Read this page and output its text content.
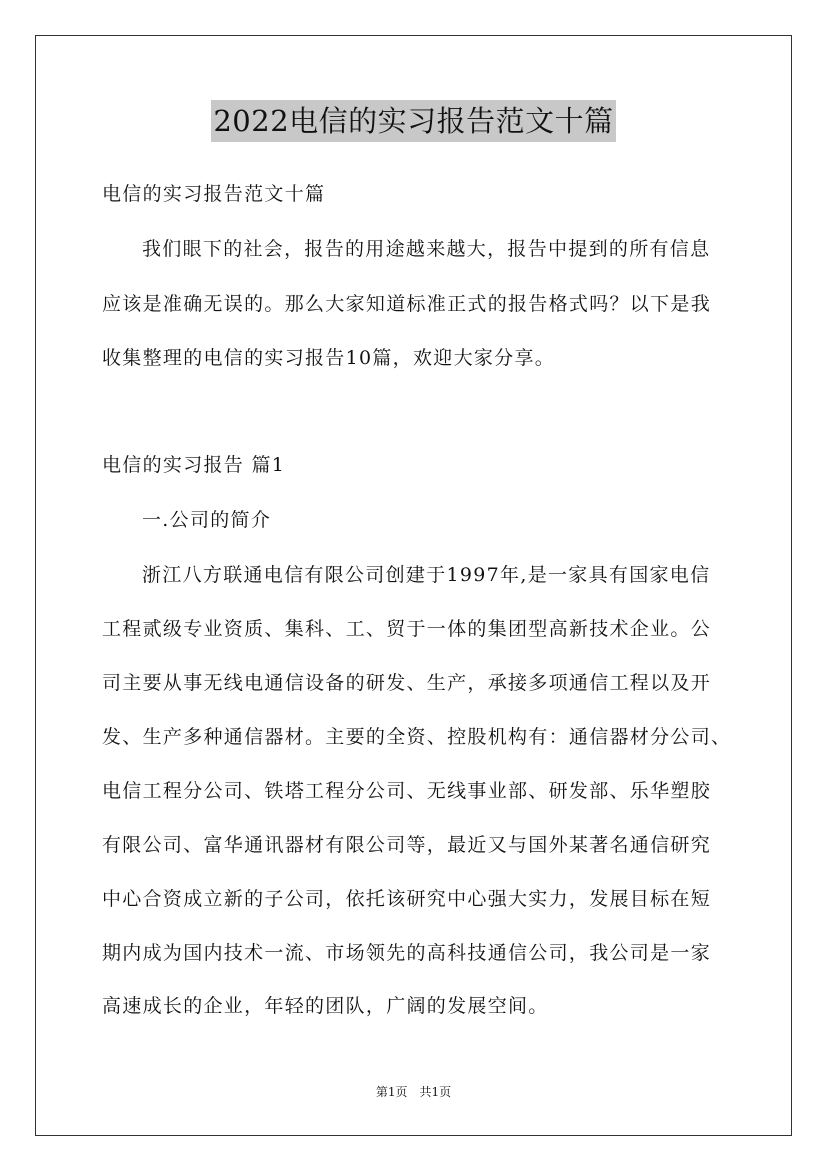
2022电信的实习报告范文十篇
电信的实习报告范文十篇
我们眼下的社会，报告的用途越来越大，报告中提到的所有信息
应该是准确无误的。那么大家知道标准正式的报告格式吗？以下是我
收集整理的电信的实习报告10篇，欢迎大家分享。
电信的实习报告 篇1
一.公司的简介
浙江八方联通电信有限公司创建于1997年,是一家具有国家电信
工程贰级专业资质、集科、工、贸于一体的集团型高新技术企业。公
司主要从事无线电通信设备的研发、生产，承接多项通信工程以及开
发、生产多种通信器材。主要的全资、控股机构有：通信器材分公司、
电信工程分公司、铁塔工程分公司、无线事业部、研发部、乐华塑胶
有限公司、富华通讯器材有限公司等，最近又与国外某著名通信研究
中心合资成立新的子公司，依托该研究中心强大实力，发展目标在短
期内成为国内技术一流、市场领先的高科技通信公司，我公司是一家
高速成长的企业，年轻的团队，广阔的发展空间。
第1页 共1页
